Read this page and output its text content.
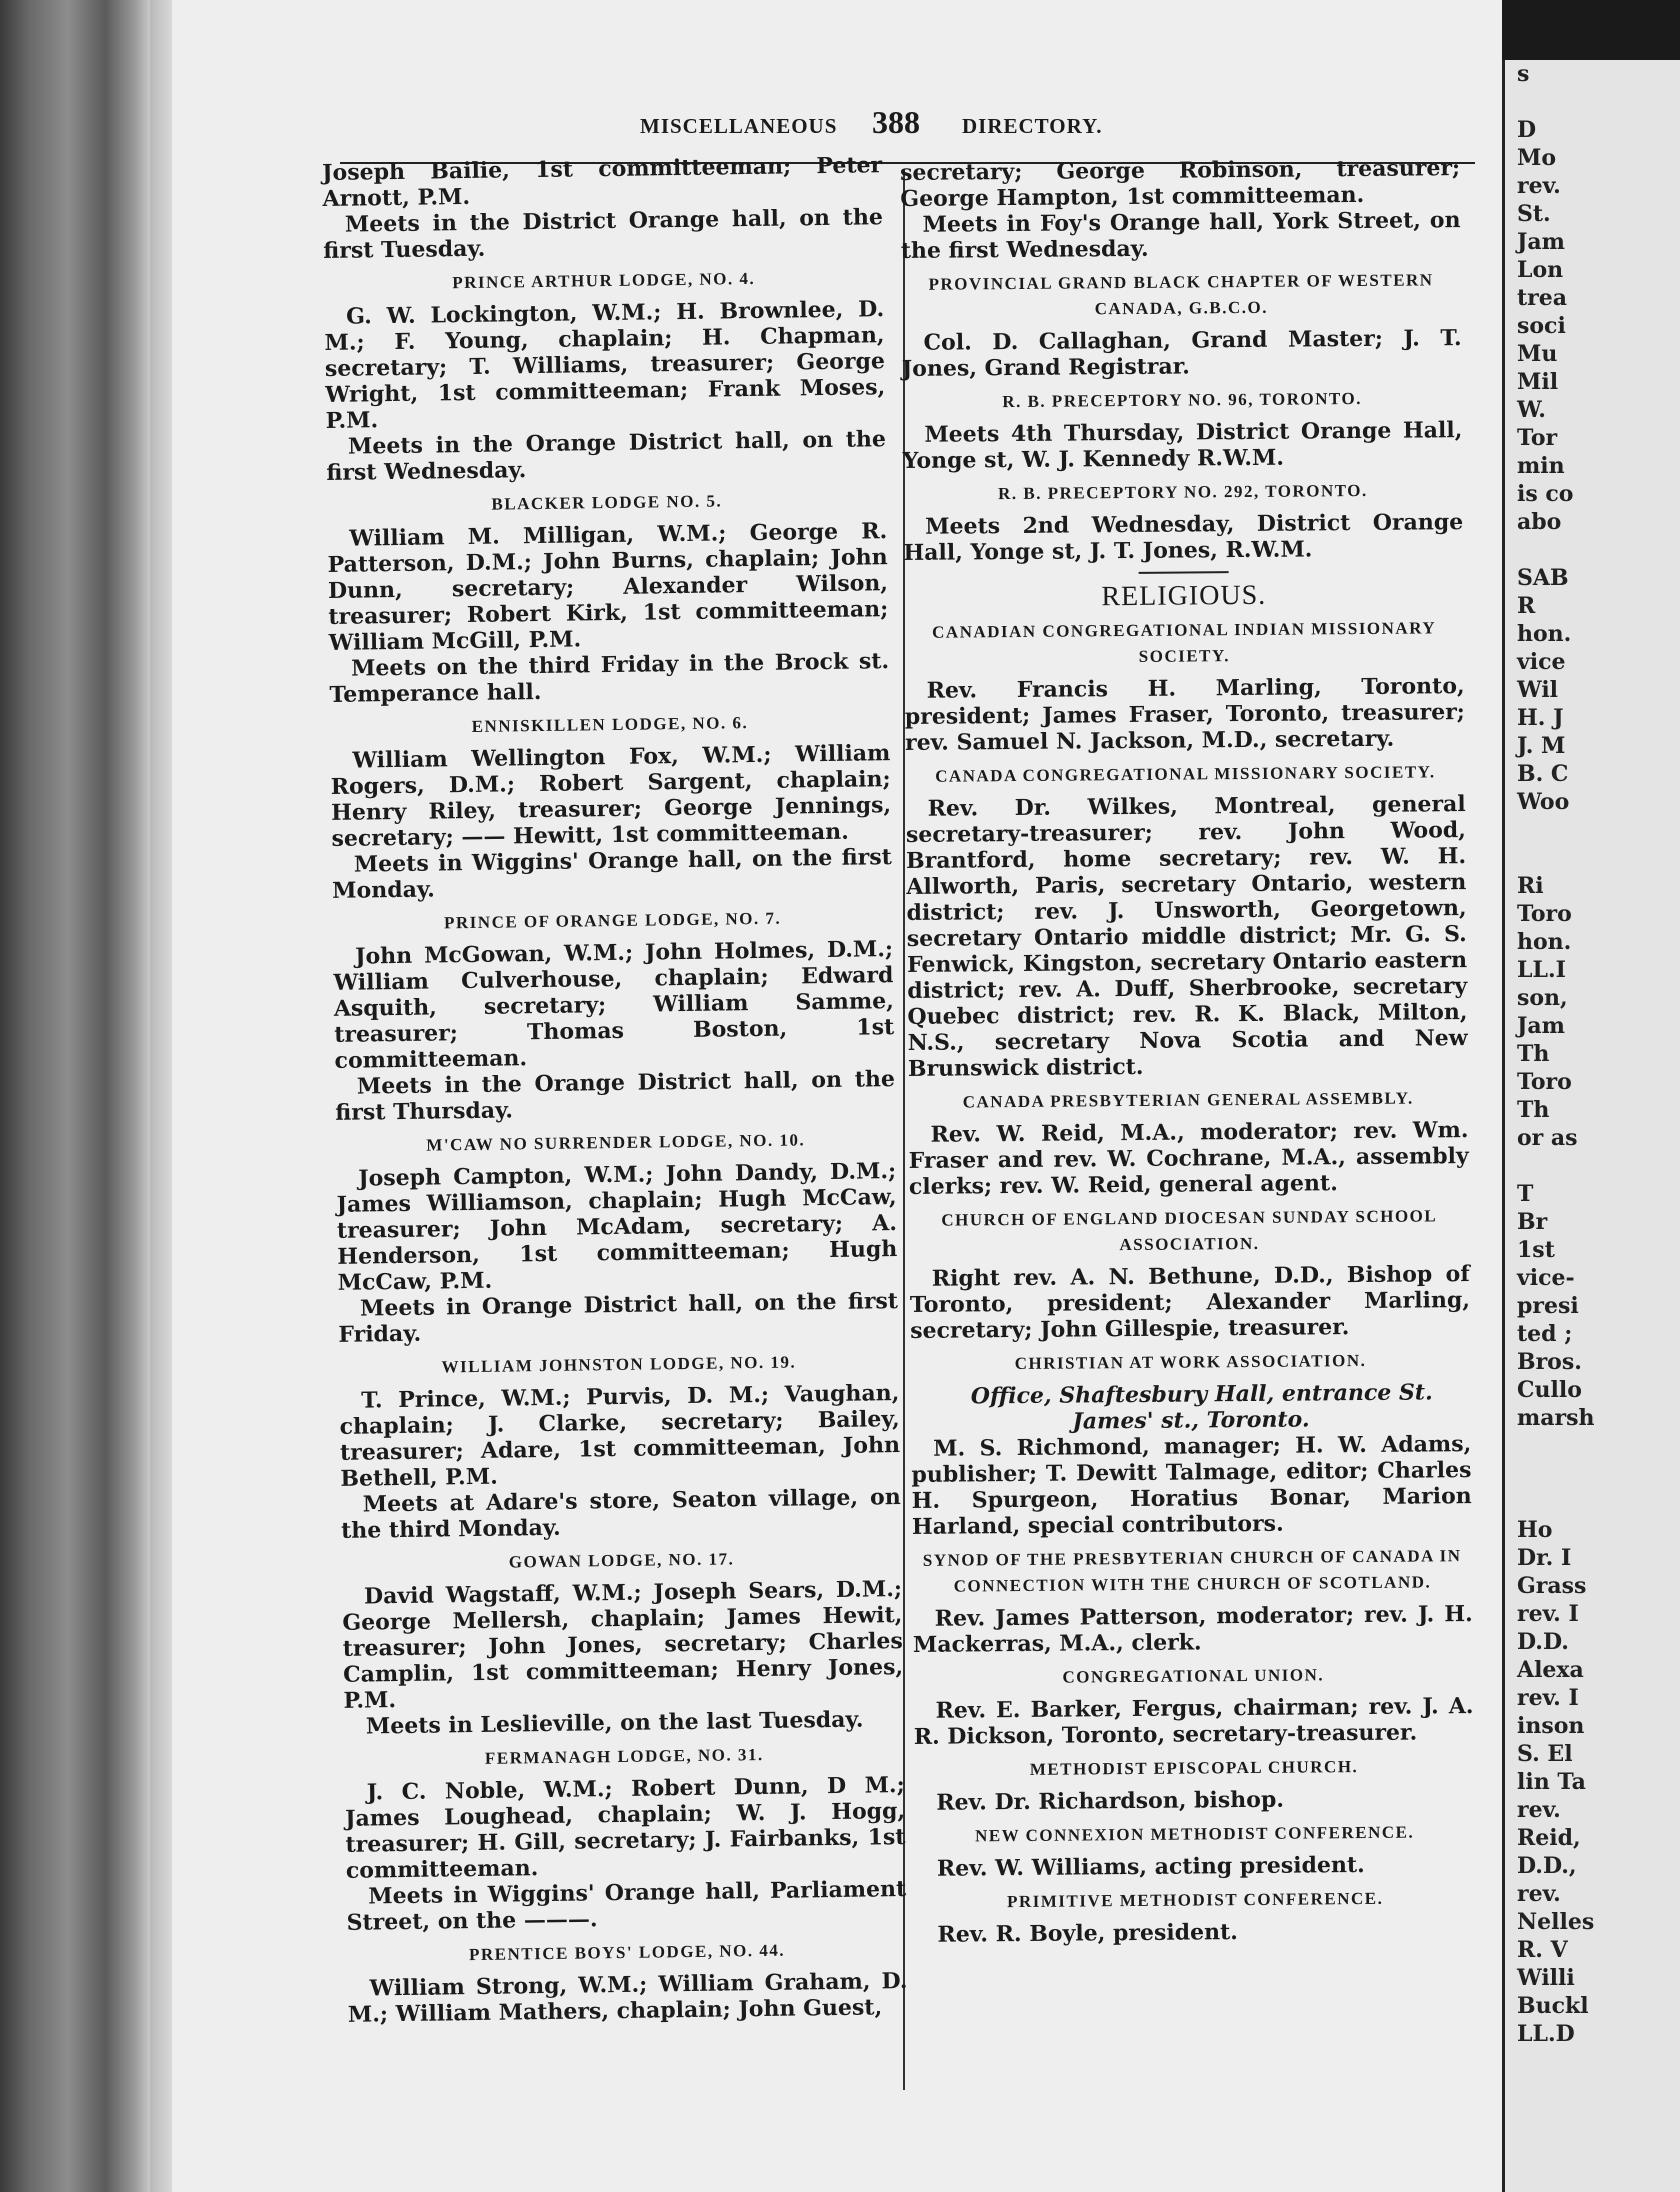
MISCELLANEOUS 388 DIRECTORY.

Joseph Bailie, 1st committeeman; Peter Arnott, P.M.

Meets in the District Orange hall, on the first Tuesday.

PRINCE ARTHUR LODGE, NO. 4.

G. W. Lockington, W.M.; H. Brownlee, D. M.; F. Young, chaplain; H. Chapman, secretary; T. Williams, treasurer; George Wright, 1st committeeman; Frank Moses, P.M.

Meets in the Orange District hall, on the first Wednesday.

BLACKER LODGE NO. 5.

William M. Milligan, W.M.; George R. Patterson, D.M.; John Burns, chaplain; John Dunn, secretary; Alexander Wilson, treasurer; Robert Kirk, 1st committeeman; William McGill, P.M.

Meets on the third Friday in the Brock st. Temperance hall.

ENNISKILLEN LODGE, NO. 6.

William Wellington Fox, W.M.; William Rogers, D.M.; Robert Sargent, chaplain; Henry Riley, treasurer; George Jennings, secretary; —— Hewitt, 1st committeeman.

Meets in Wiggins' Orange hall, on the first Monday.

PRINCE OF ORANGE LODGE, NO. 7.

John McGowan, W.M.; John Holmes, D.M.; William Culverhouse, chaplain; Edward Asquith, secretary; William Samme, treasurer; Thomas Boston, 1st committeeman.

Meets in the Orange District hall, on the first Thursday.

M'CAW NO SURRENDER LODGE, NO. 10.

Joseph Campton, W.M.; John Dandy, D.M.; James Williamson, chaplain; Hugh McCaw, treasurer; John McAdam, secretary; A. Henderson, 1st committeeman; Hugh McCaw, P.M.

Meets in Orange District hall, on the first Friday.

WILLIAM JOHNSTON LODGE, NO. 19.

T. Prince, W.M.; Purvis, D. M.; Vaughan, chaplain; J. Clarke, secretary; Bailey, treasurer; Adare, 1st committeeman, John Bethell, P.M.

Meets at Adare's store, Seaton village, on the third Monday.

GOWAN LODGE, NO. 17.

David Wagstaff, W.M.; Joseph Sears, D.M.; George Mellersh, chaplain; James Hewit, treasurer; John Jones, secretary; Charles Camplin, 1st committeeman; Henry Jones, P.M.

Meets in Leslieville, on the last Tuesday.

FERMANAGH LODGE, NO. 31.

J. C. Noble, W.M.; Robert Dunn, D M.; James Loughead, chaplain; W. J. Hogg, treasurer; H. Gill, secretary; J. Fairbanks, 1st committeeman.

Meets in Wiggins' Orange hall, Parliament Street, on the ———.

PRENTICE BOYS' LODGE, NO. 44.

William Strong, W.M.; William Graham, D. M.; William Mathers, chaplain; John Guest,

secretary; George Robinson, treasurer; George Hampton, 1st committeeman.

Meets in Foy's Orange hall, York Street, on the first Wednesday.

PROVINCIAL GRAND BLACK CHAPTER OF WESTERN CANADA, G.B.C.O.

Col. D. Callaghan, Grand Master; J. T. Jones, Grand Registrar.

R. B. PRECEPTORY NO. 96, TORONTO.

Meets 4th Thursday, District Orange Hall, Yonge st, W. J. Kennedy R.W.M.

R. B. PRECEPTORY NO. 292, TORONTO.

Meets 2nd Wednesday, District Orange Hall, Yonge st, J. T. Jones, R.W.M.

RELIGIOUS.
CANADIAN CONGREGATIONAL INDIAN MISSIONARY SOCIETY.

Rev. Francis H. Marling, Toronto, president; James Fraser, Toronto, treasurer; rev. Samuel N. Jackson, M.D., secretary.

CANADA CONGREGATIONAL MISSIONARY SOCIETY.

Rev. Dr. Wilkes, Montreal, general secretary-treasurer; rev. John Wood, Brantford, home secretary; rev. W. H. Allworth, Paris, secretary Ontario, western district; rev. J. Unsworth, Georgetown, secretary Ontario middle district; Mr. G. S. Fenwick, Kingston, secretary Ontario eastern district; rev. A. Duff, Sherbrooke, secretary Quebec district; rev. R. K. Black, Milton, N.S., secretary Nova Scotia and New Brunswick district.

CANADA PRESBYTERIAN GENERAL ASSEMBLY.

Rev. W. Reid, M.A., moderator; rev. Wm. Fraser and rev. W. Cochrane, M.A., assembly clerks; rev. W. Reid, general agent.

CHURCH OF ENGLAND DIOCESAN SUNDAY SCHOOL ASSOCIATION.

Right rev. A. N. Bethune, D.D., Bishop of Toronto, president; Alexander Marling, secretary; John Gillespie, treasurer.

CHRISTIAN AT WORK ASSOCIATION.

Office, Shaftesbury Hall, entrance St. James' st., Toronto.

M. S. Richmond, manager; H. W. Adams, publisher; T. Dewitt Talmage, editor; Charles H. Spurgeon, Horatius Bonar, Marion Harland, special contributors.

SYNOD OF THE PRESBYTERIAN CHURCH OF CANADA IN CONNECTION WITH THE CHURCH OF SCOTLAND.

Rev. James Patterson, moderator; rev. J. H. Mackerras, M.A., clerk.

CONGREGATIONAL UNION.

Rev. E. Barker, Fergus, chairman; rev. J. A. R. Dickson, Toronto, secretary-treasurer.

METHODIST EPISCOPAL CHURCH.

Rev. Dr. Richardson, bishop.

NEW CONNEXION METHODIST CONFERENCE.

Rev. W. Williams, acting president.

PRIMITIVE METHODIST CONFERENCE.

Rev. R. Boyle, president.

s

D
Mo
rev.
St.
Jam
Lon
trea
soci
Mu
Mil
W.
Tor
min
is co
abo

SAB
R
hon.
vice
Wil
H. J
J. M
B. C
Woo

Ri
Toro
hon.
LL.I
son,
Jam
Th
Toro
Th
or as

T
Br
1st
vice-
presi
ted ;
Bros.
Cullo
marsh

Ho
Dr. I
Grass
rev. I
D.D.
Alexa
rev. I
inson
S. El
lin Ta
rev.
Reid,
D.D.,
rev.
Nelles
R. V
Willi
Buckl
LL.D
